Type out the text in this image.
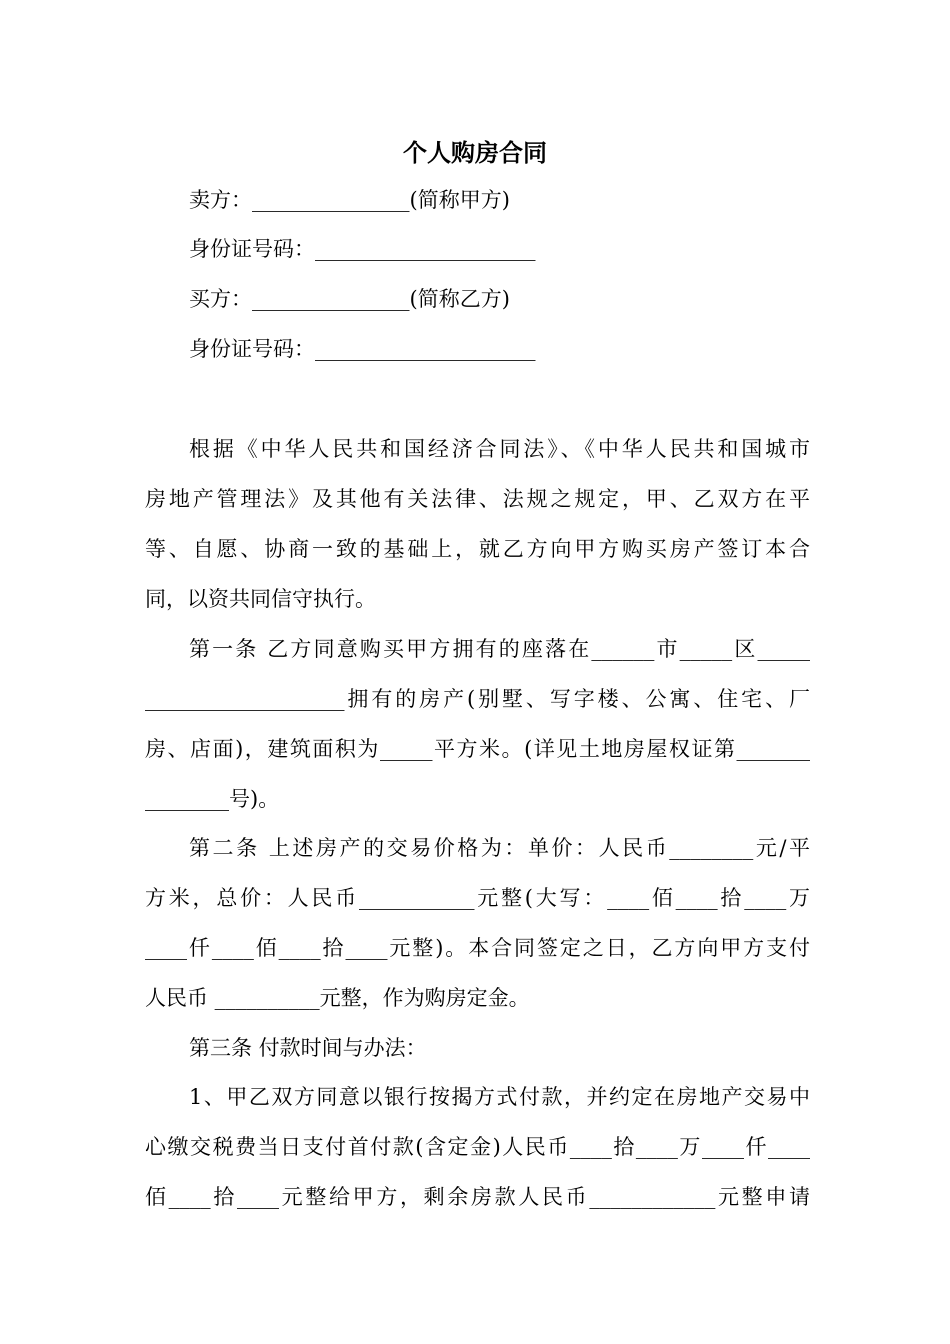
个人购房合同
卖方：_______________(简称甲方)
身份证号码：_____________________
买方：_______________(简称乙方)
身份证号码：_____________________
根据《中华人民共和国经济合同法》、《中华人民共和国城市
房地产管理法》及其他有关法律、法规之规定，甲、乙双方在平
等、自愿、协商一致的基础上，就乙方向甲方购买房产签订本合
同，以资共同信守执行。
第一条 乙方同意购买甲方拥有的座落在______市_____区_____
___________________拥有的房产(别墅、写字楼、公寓、住宅、厂
房、店面)，建筑面积为_____平方米。(详见土地房屋权证第_______
________号)。
第二条 上述房产的交易价格为：单价：人民币________元/平
方米，总价：人民币___________元整(大写：____佰____拾____万
____仟____佰____拾____元整)。本合同签定之日，乙方向甲方支付
人民币 __________元整，作为购房定金。
第三条 付款时间与办法：
1、甲乙双方同意以银行按揭方式付款，并约定在房地产交易中
心缴交税费当日支付首付款(含定金)人民币____拾____万____仟____
佰____拾____元整给甲方，剩余房款人民币____________元整申请
